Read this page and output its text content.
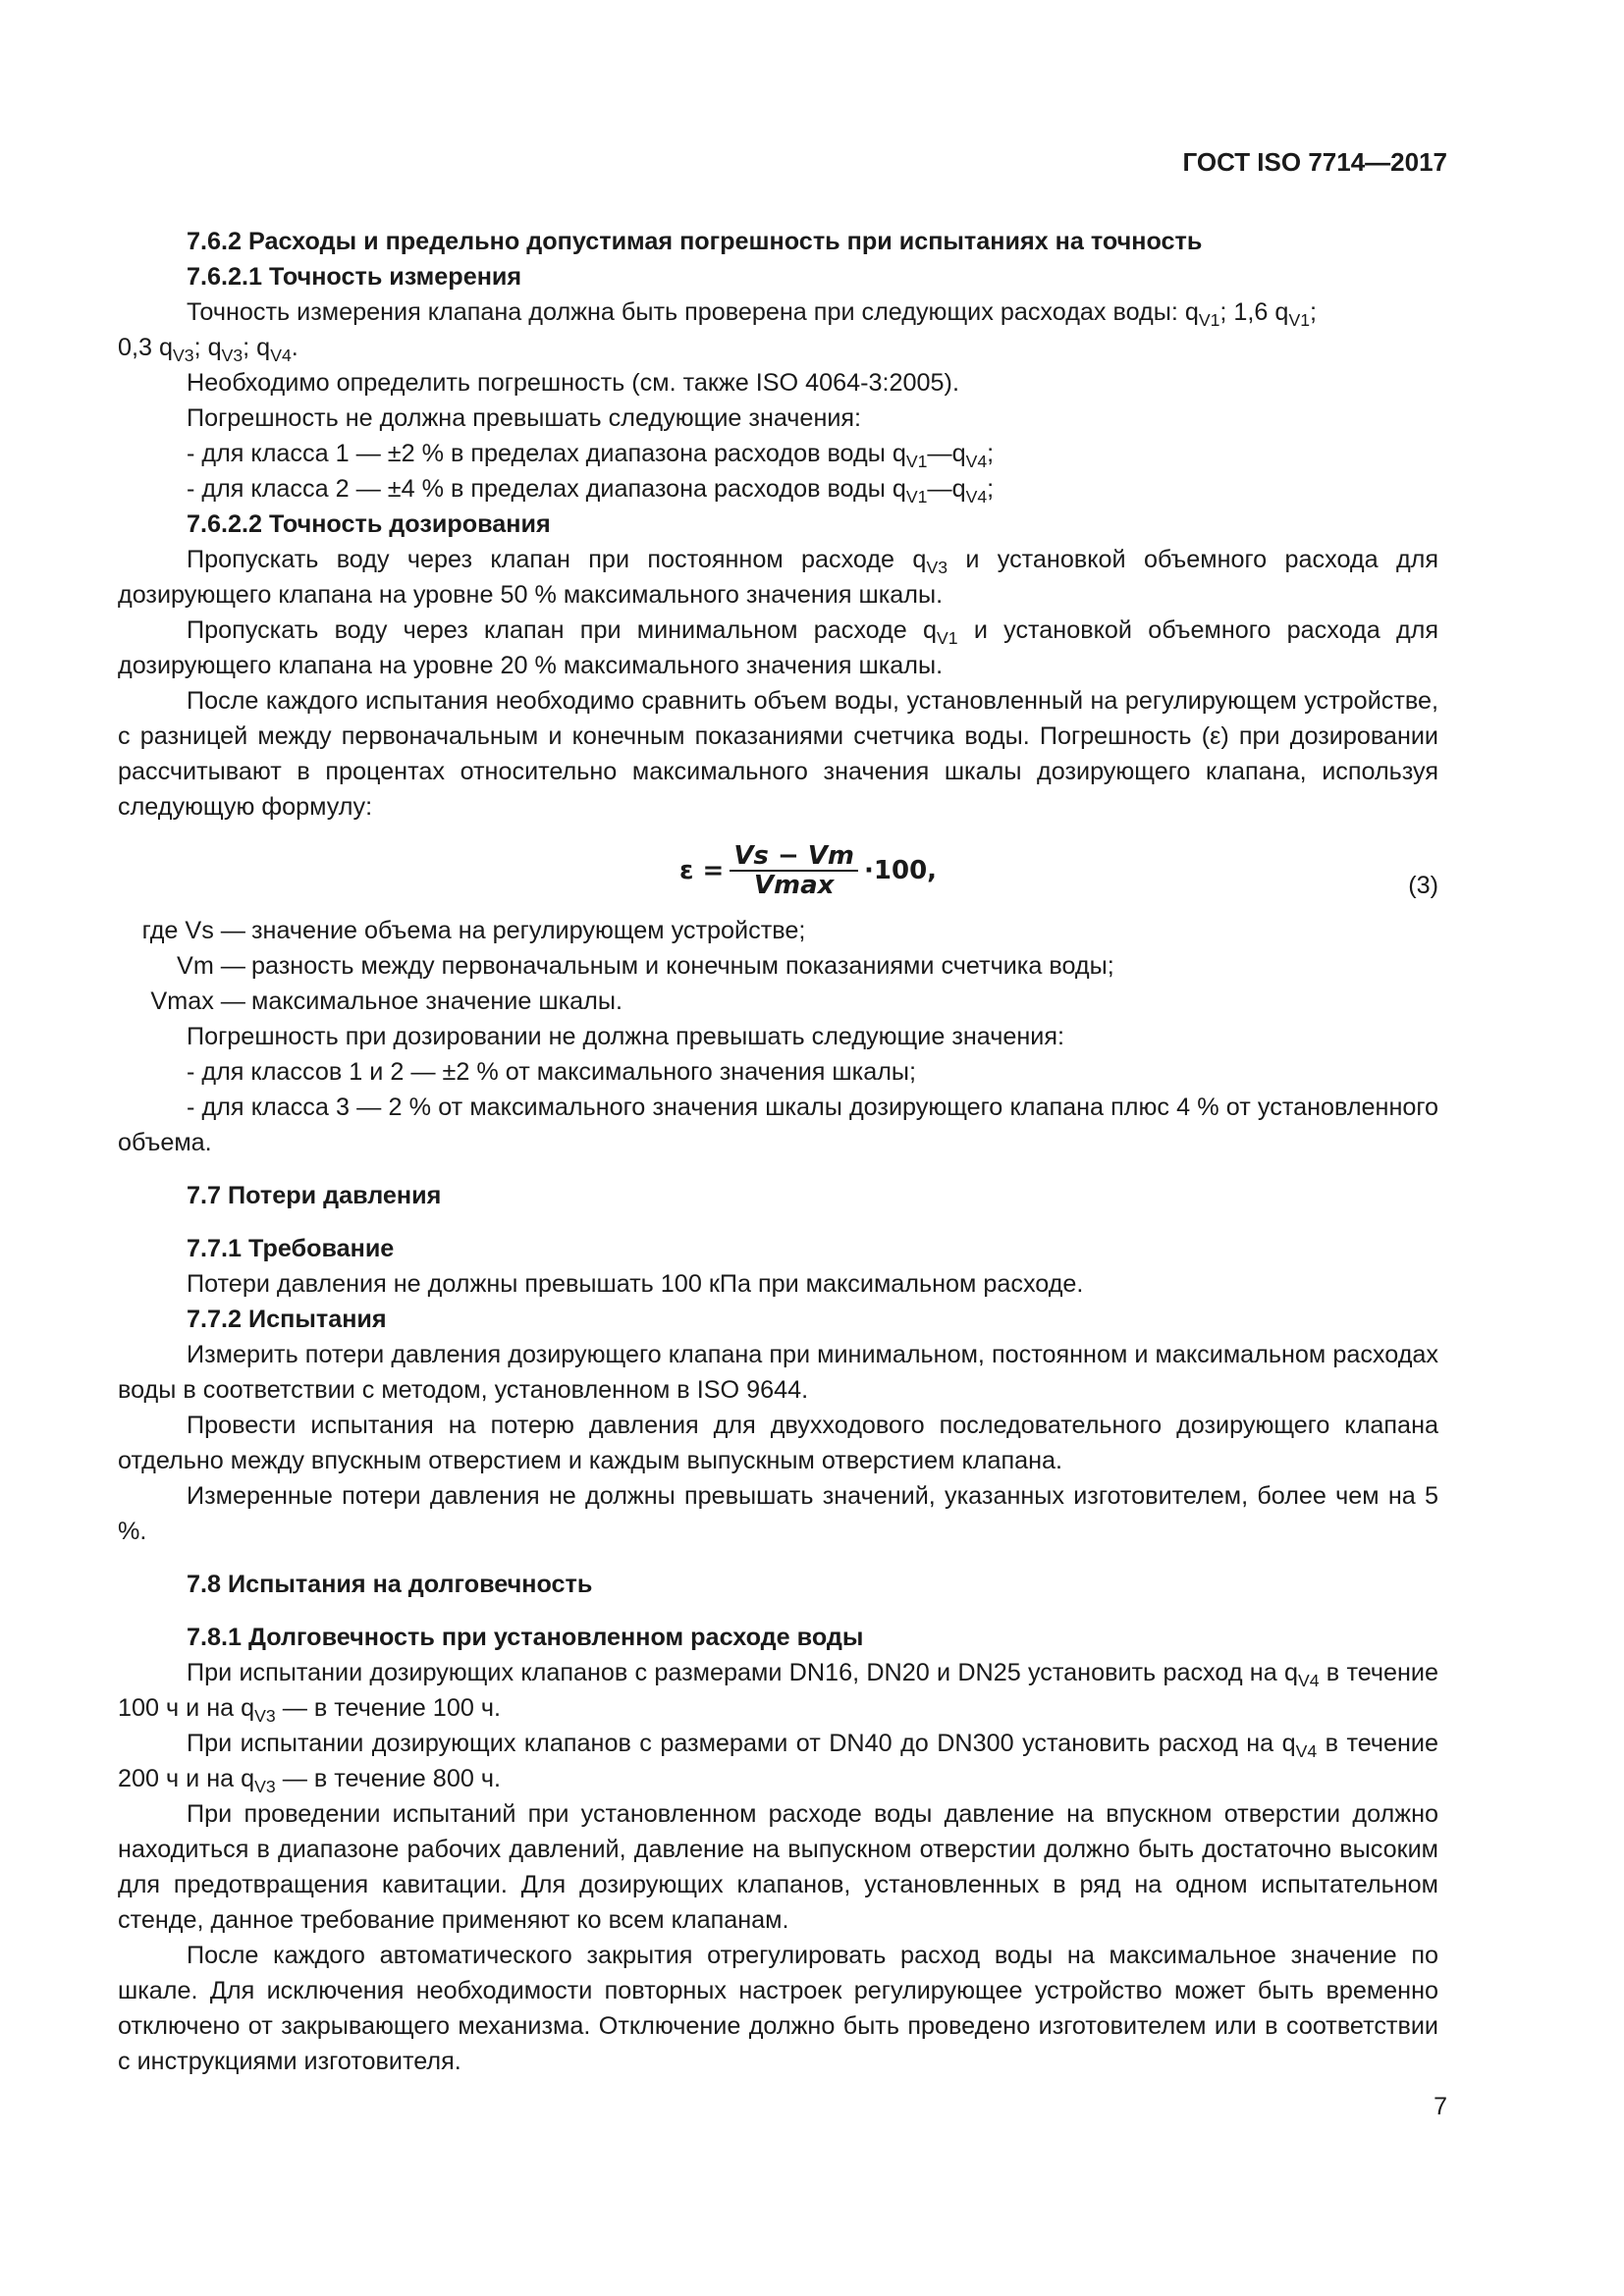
ГОСТ ISO 7714—2017

7.6.2 Расходы и предельно допустимая погрешность при испытаниях на точность

7.6.2.1 Точность измерения

Точность измерения клапана должна быть проверена при следующих расходах воды: $q_{V1}$; 1,6 $q_{V1}$;
0,3 $q_{V3}$; $q_{V3}$; $q_{V4}$.

Необходимо определить погрешность (см. также ISO 4064-3:2005).

Погрешность не должна превышать следующие значения:

- для класса 1 — ±2 % в пределах диапазона расходов воды $q_{V1}—q_{V4}$;

- для класса 2 — ±4 % в пределах диапазона расходов воды $q_{V1}—q_{V4}$;

7.6.2.2 Точность дозирования

Пропускать воду через клапан при постоянном расходе $q_{V3}$ и установкой объемного расхода для дозирующего клапана на уровне 50 % максимального значения шкалы.

Пропускать воду через клапан при минимальном расходе $q_{V1}$ и установкой объемного расхода для дозирующего клапана на уровне 20 % максимального значения шкалы.

После каждого испытания необходимо сравнить объем воды, установленный на регулирующем устройстве, с разницей между первоначальным и конечным показаниями счетчика воды. Погрешность (ε) при дозировании рассчитывают в процентах относительно максимального значения шкалы дозирующего клапана, используя следующую формулу:

$\varepsilon = \frac{Vs - Vm}{Vmax} \cdot 100$,	(3)
где Vs — значение объема на регулирующем устройстве;
Vm — разность между первоначальным и конечным показаниями счетчика воды;
Vmax — максимальное значение шкалы.

Погрешность при дозировании не должна превышать следующие значения:

- для классов 1 и 2 — ±2 % от максимального значения шкалы;

- для класса 3 — 2 % от максимального значения шкалы дозирующего клапана плюс 4 % от установленного объема.

7.7 Потери давления

7.7.1 Требование

Потери давления не должны превышать 100 кПа при максимальном расходе.

7.7.2 Испытания

Измерить потери давления дозирующего клапана при минимальном, постоянном и максимальном расходах воды в соответствии с методом, установленном в ISO 9644.

Провести испытания на потерю давления для двухходового последовательного дозирующего клапана отдельно между впускным отверстием и каждым выпускным отверстием клапана.

Измеренные потери давления не должны превышать значений, указанных изготовителем, более чем на 5 %.

7.8 Испытания на долговечность

7.8.1 Долговечность при установленном расходе воды

При испытании дозирующих клапанов с размерами DN16, DN20 и DN25 установить расход на $q_{V4}$ в течение 100 ч и на $q_{V3}$ — в течение 100 ч.

При испытании дозирующих клапанов с размерами от DN40 до DN300 установить расход на $q_{V4}$ в течение 200 ч и на $q_{V3}$ — в течение 800 ч.

При проведении испытаний при установленном расходе воды давление на впускном отверстии должно находиться в диапазоне рабочих давлений, давление на выпускном отверстии должно быть достаточно высоким для предотвращения кавитации. Для дозирующих клапанов, установленных в ряд на одном испытательном стенде, данное требование применяют ко всем клапанам.

После каждого автоматического закрытия отрегулировать расход воды на максимальное значение по шкале. Для исключения необходимости повторных настроек регулирующее устройство может быть временно отключено от закрывающего механизма. Отключение должно быть проведено изготовителем или в соответствии с инструкциями изготовителя.

7
